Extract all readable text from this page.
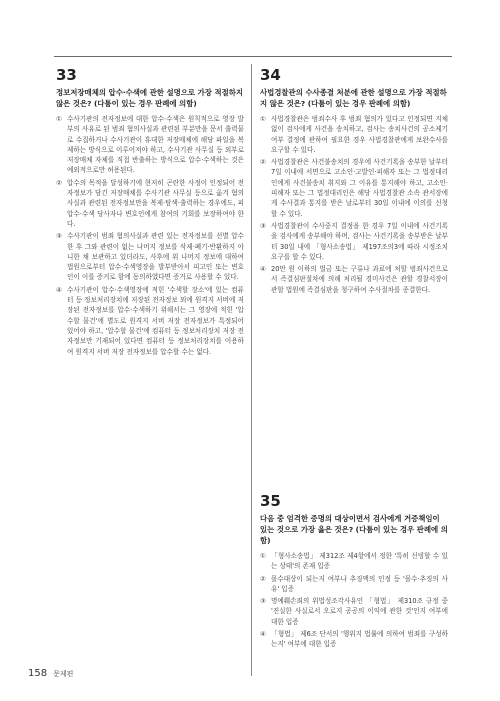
33
정보저장매체의 압수·수색에 관한 설명으로 가장 적절하지 않은 것은? (다툼이 있는 경우 판례에 의함)
① 수사기관의 전자정보에 대한 압수·수색은 원칙적으로 영장 발부의 사유로 된 범죄 혐의사실과 관련된 부분만을 문서 출력물로 수집하거나 수사기관이 휴대한 저장매체에 해당 파일을 복제하는 방식으로 이루어져야 하고, 수사기관 사무실 등 외부로 저장매체 자체를 직접 반출하는 방식으로 압수·수색하는 것은 예외적으로만 허용된다.
② 압수의 목적을 달성하기에 현저히 곤란한 사정이 인정되어 전자정보가 담긴 저장매체를 수사기관 사무실 등으로 옮겨 혐의사실과 관련된 전자정보만을 복제·탐색·출력하는 경우에도, 피압수·수색 당사자나 변호인에게 참여의 기회를 보장하여야 한다.
③ 수사기관이 범죄 혐의사실과 관련 있는 전자정보를 선별 압수한 후 그와 관련이 없는 나머지 정보를 삭제·폐기·반환하지 아니한 채 보관하고 있더라도, 사후에 위 나머지 정보에 대하여 법원으로부터 압수·수색영장을 발부받아서 피고인 또는 변호인이 이를 증거로 함에 동의하였다면 증거로 사용할 수 있다.
④ 수사기관이 압수·수색영장에 적힌 '수색할 장소'에 있는 컴퓨터 등 정보처리장치에 저장된 전자정보 외에 원격지 서버에 저장된 전자정보를 압수·수색하기 위해서는 그 영장에 적힌 '압수할 물건'에 별도로 원격지 서버 저장 전자정보가 특정되어 있어야 하고, '압수할 물건'에 컴퓨터 등 정보처리장치 저장 전자정보만 기재되어 있다면 컴퓨터 등 정보처리장치를 이용하여 원격지 서버 저장 전자정보를 압수할 수는 없다.
34
사법경찰관의 수사종결 처분에 관한 설명으로 가장 적절하지 않은 것은? (다툼이 있는 경우 판례에 의함)
① 사법경찰관은 범죄수사 후 범죄 혐의가 있다고 인정되면 지체 없이 검사에게 사건을 송치하고, 검사는 송치사건의 공소제기 여부 결정에 관하여 필요한 경우 사법경찰관에게 보완수사를 요구할 수 있다.
② 사법경찰관은 사건불송치의 경우에 사건기록을 송부한 날부터 7일 이내에 서면으로 고소인·고발인·피해자 또는 그 법정대리인에게 사건불송치 취지와 그 이유를 통지해야 하고, 고소인·피해자 또는 그 법정대리인은 해당 사법경찰관 소속 관서장에게 수사결과 통지를 받은 날로부터 30일 이내에 이의를 신청할 수 있다.
③ 사법경찰관이 수사중지 결정을 한 경우 7일 이내에 사건기록을 검사에게 송부해야 하며, 검사는 사건기록을 송부받은 날부터 30일 내에 「형사소송법」 제197조의3에 따라 시정조치요구를 할 수 있다.
④ 20만 원 이하의 벌금 또는 구류나 과료에 처할 범죄사건으로서 즉결심판절차에 의해 처리될 경미사건은 관할 경찰서장이 관할 법원에 즉결심판을 청구하여 수사절차를 종결한다.
35
다음 중 엄격한 증명의 대상이면서 검사에게 거증책임이 있는 것으로 가장 옳은 것은? (다툼이 있는 경우 판례에 의함)
① 「형사소송법」 제312조 제4항에서 정한 '특히 신빙할 수 있는 상태'의 존재 입증
② 몰수대상이 되는지 여부나 추징액의 인정 등 '몰수·추징의 사유' 입증
③ 명예훼손죄의 위법성조각사유인 「형법」 제310조 규정 중 '진실한 사실로서 오로지 공공의 이익에 관한 것'인지 여부에 대한 입증
④ 「형법」 제6조 단서의 '행위지 법률에 의하여 범죄를 구성하는지' 여부에 대한 입증
158 문제편
